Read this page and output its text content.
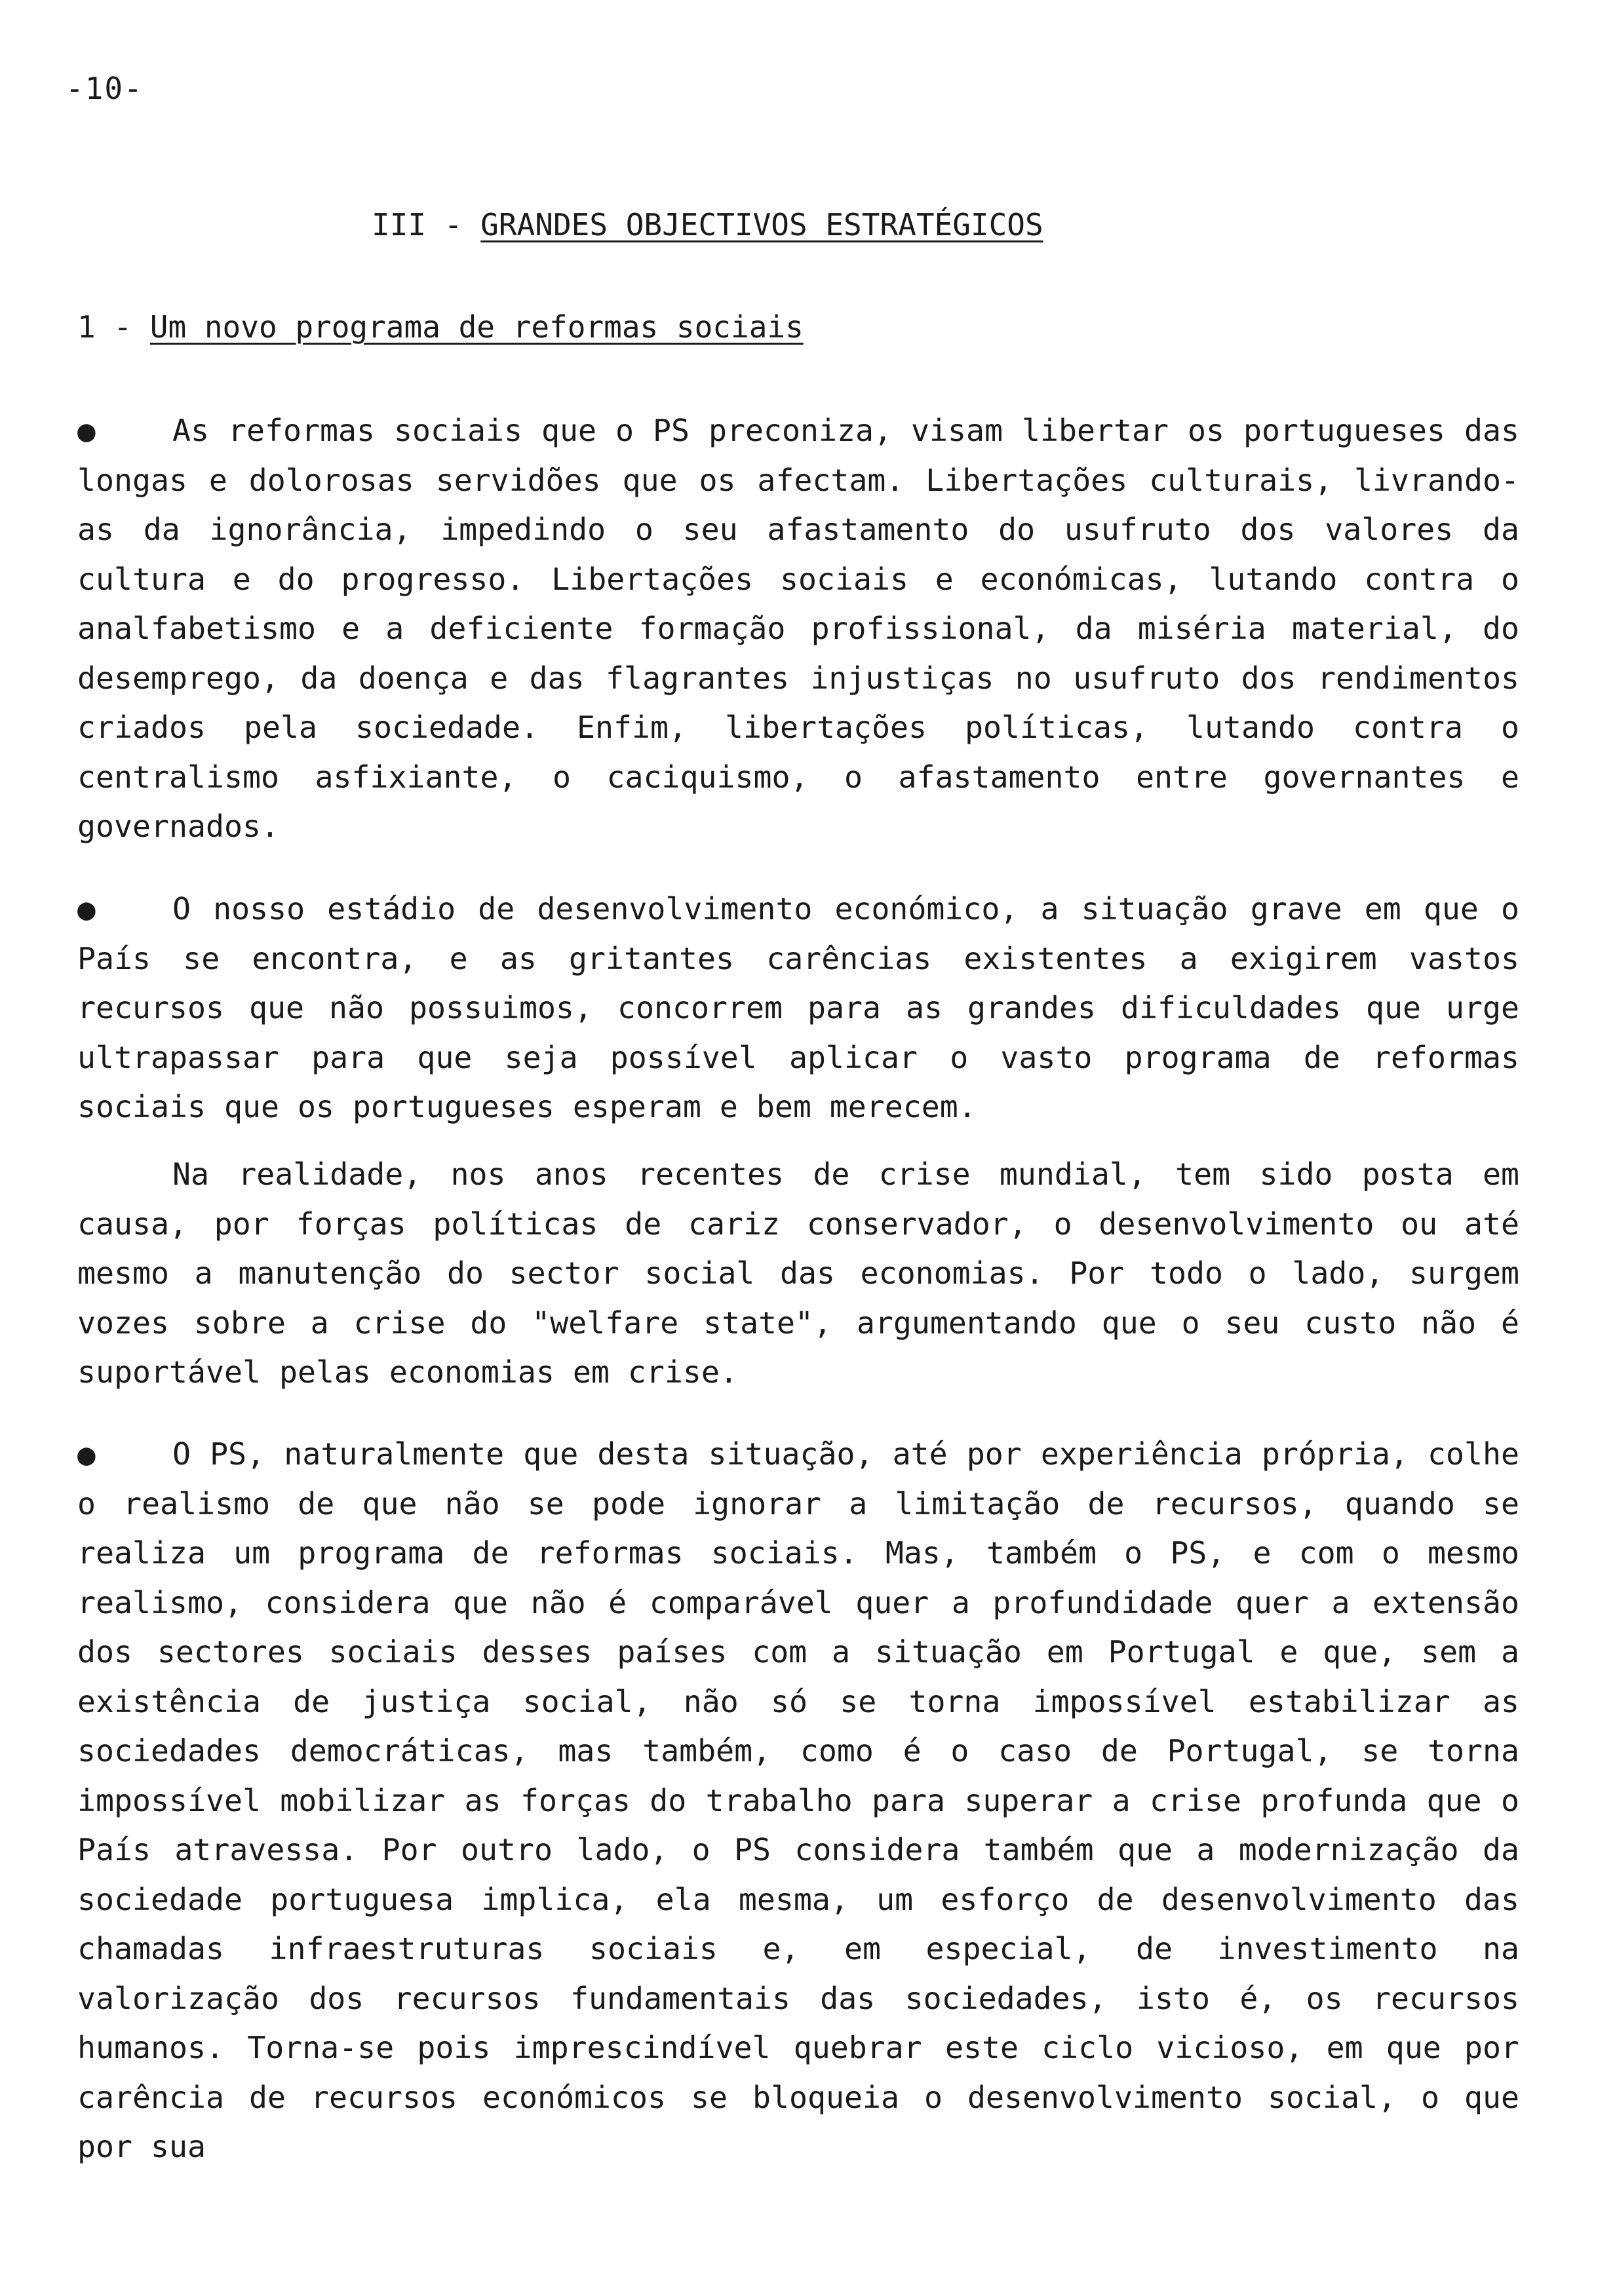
-10-
III - GRANDES OBJECTIVOS ESTRATÉGICOS
1 - Um novo programa de reformas sociais

●	As reformas sociais que o PS preconiza, visam libertar os portugueses das longas e dolorosas servidões que os afectam. Libertações culturais, livrando-as da ignorância, impedindo o seu afastamento do usufruto dos valores da cultura e do progresso. Libertações sociais e económicas, lutando contra o analfabetismo e a deficiente formação profissional, da miséria material, do desemprego, da doença e das flagrantes injustiças no usufruto dos rendimentos criados pela sociedade. Enfim, libertações políticas, lutando contra o centralismo asfixiante, o caciquismo, o afastamento entre governantes e governados.

●	O nosso estádio de desenvolvimento económico, a situação grave em que o País se encontra, e as gritantes carências existentes a exigirem vastos recursos que não possuimos, concorrem para as grandes dificuldades que urge ultrapassar para que seja possível aplicar o vasto programa de reformas sociais que os portugueses esperam e bem merecem.

Na realidade, nos anos recentes de crise mundial, tem sido posta em causa, por forças políticas de cariz conservador, o desenvolvimento ou até mesmo a manutenção do sector social das economias. Por todo o lado, surgem vozes sobre a crise do "welfare state", argumentando que o seu custo não é suportável pelas economias em crise.

●	O PS, naturalmente que desta situação, até por experiência própria, colhe o realismo de que não se pode ignorar a limitação de recursos, quando se realiza um programa de reformas sociais. Mas, também o PS, e com o mesmo realismo, considera que não é comparável quer a profundidade quer a extensão dos sectores sociais desses países com a situação em Portugal e que, sem a existência de justiça social, não só se torna impossível estabilizar as sociedades democráticas, mas também, como é o caso de Portugal, se torna impossível mobilizar as forças do trabalho para superar a crise profunda que o País atravessa. Por outro lado, o PS considera também que a modernização da sociedade portuguesa implica, ela mesma, um esforço de desenvolvimento das chamadas infraestruturas sociais e, em especial, de investimento na valorização dos recursos fundamentais das sociedades, isto é, os recursos humanos. Torna-se pois imprescindível quebrar este ciclo vicioso, em que por carência de recursos económicos se bloqueia o desenvolvimento social, o que por sua
